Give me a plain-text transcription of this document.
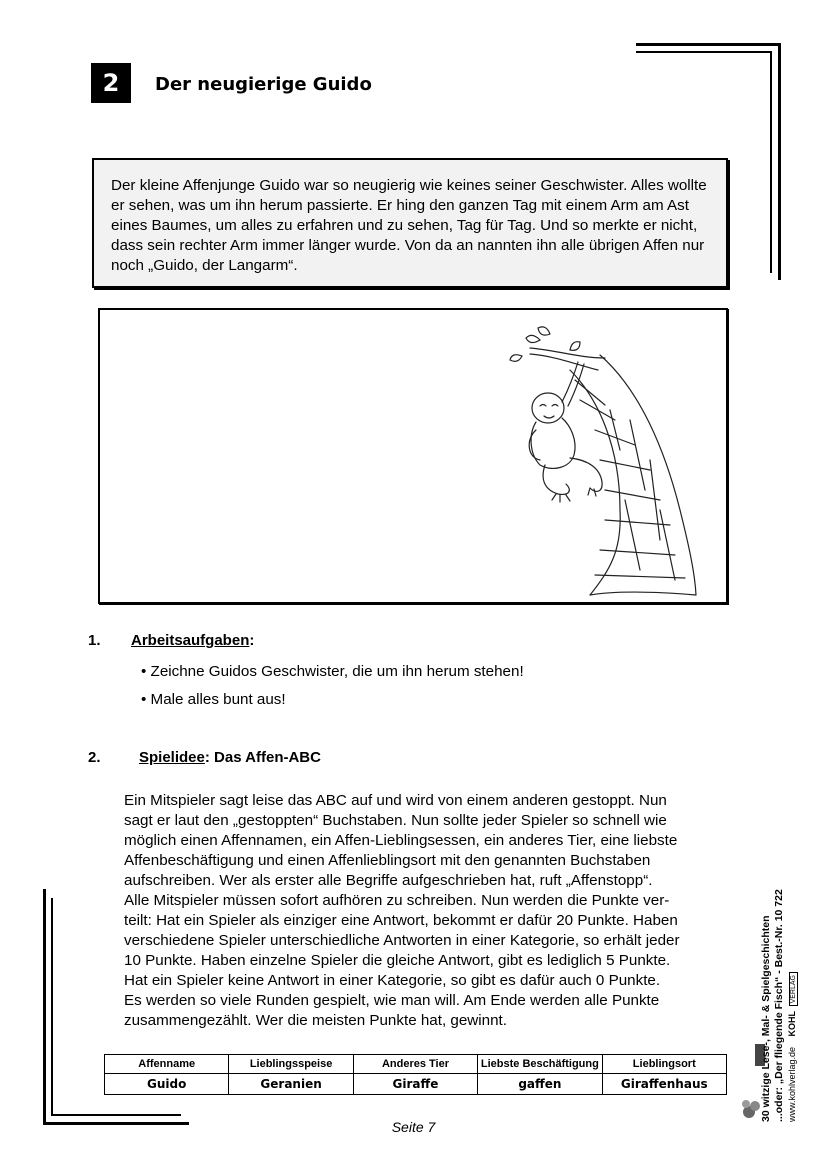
2	Der neugierige Guido

Der kleine Affenjunge Guido war so neugierig wie keines seiner Geschwister. Alles wollte er sehen, was um ihn herum passierte. Er hing den ganzen Tag mit einem Arm am Ast eines Baumes, um alles zu erfahren und zu sehen, Tag für Tag. Und so merkte er nicht, dass sein rechter Arm immer länger wurde. Von da an nannten ihn alle übrigen Affen nur noch „Guido, der Langarm“.

1. Arbeitsaufgaben:
• Zeichne Guidos Geschwister, die um ihn herum stehen!
• Male alles bunt aus!
2.	Spielidee: Das Affen-ABC

Ein Mitspieler sagt leise das ABC auf und wird von einem anderen gestoppt. Nun

sagt er laut den „gestoppten“ Buchstaben. Nun sollte jeder Spieler so schnell wie

möglich einen Affennamen, ein Affen-Lieblingsessen, ein anderes Tier, eine liebste

Affenbeschäftigung und einen Affenlieblingsort mit den genannten Buchstaben

aufschreiben. Wer als erster alle Begriffe aufgeschrieben hat, ruft „Affenstopp“.

Alle Mitspieler müssen sofort aufhören zu schreiben. Nun werden die Punkte ver-

teilt: Hat ein Spieler als einziger eine Antwort, bekommt er dafür 20 Punkte. Haben

verschiedene Spieler unterschiedliche Antworten in einer Kategorie, so erhält jeder

10 Punkte. Haben einzelne Spieler die gleiche Antwort, gibt es lediglich 5 Punkte.

Hat ein Spieler keine Antwort in einer Kategorie, so gibt es dafür auch 0 Punkte.

Es werden so viele Runden gespielt, wie man will. Am Ende werden alle Punkte

zusammengezählt. Wer die meisten Punkte hat, gewinnt.

Affenname	Lieblingsspeise	Anderes Tier	Liebste Beschäftigung	Lieblingsort
Guido	Geranien	Giraffe	gaffen	Giraffenhaus
Seite 7
30 witzige Lese-, Mal- & Spielgeschichten ...oder: „Der fliegende Fisch“ - Best.-Nr. 10 722 www.kohlverlag.de KOHL VERLAG
